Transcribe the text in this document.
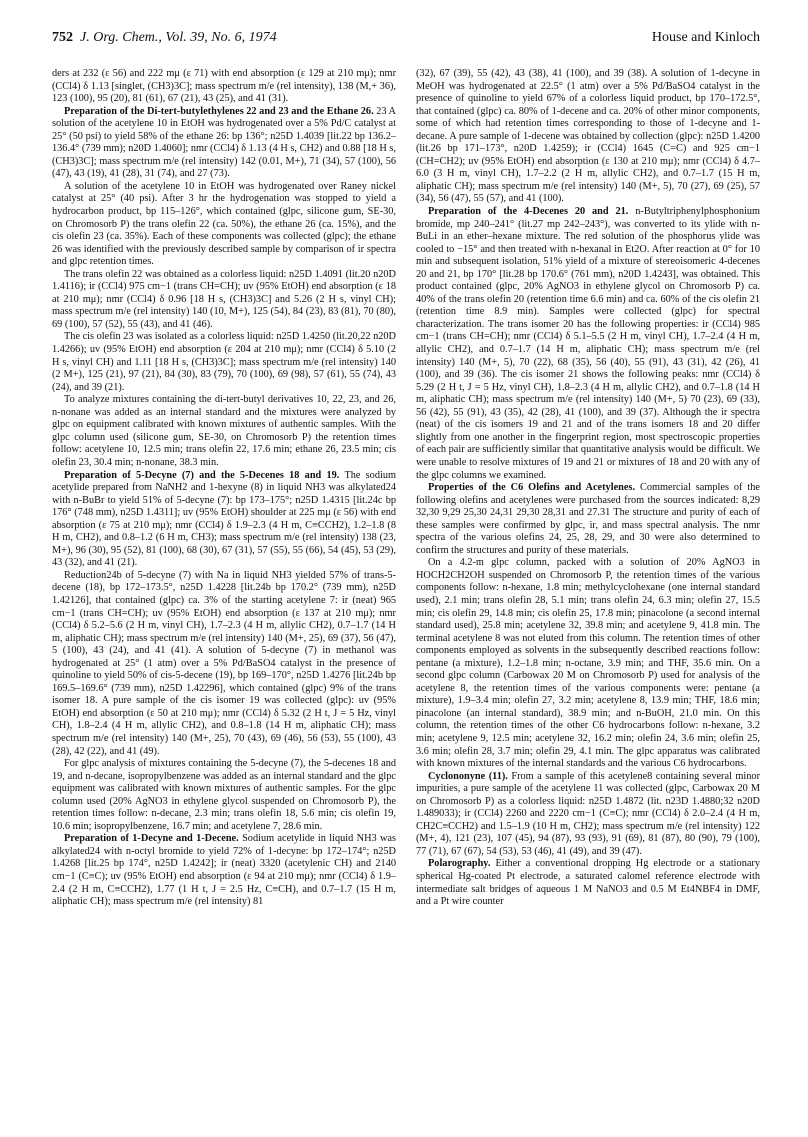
752 J. Org. Chem., Vol. 39, No. 6, 1974	House and Kinloch

ders at 232 (ε 56) and 222 mμ (ε 71) with end absorption (ε 129 at 210 mμ); nmr (CCl4) δ 1.13 [singlet, (CH3)3C]; mass spectrum m/e (rel intensity), 138 (M,+ 36), 123 (100), 95 (20), 81 (61), 67 (21), 43 (25), and 41 (31).

Preparation of the Di-tert-butylethylenes 22 and 23 and the Ethane 26. 23 A solution of the acetylene 10 in EtOH was hydrogenated over a 5% Pd/C catalyst at 25° (50 psi) to yield 58% of the ethane 26: bp 136°; n25D 1.4039 [lit.22 bp 136.2–136.4° (739 mm); n20D 1.4060]; nmr (CCl4) δ 1.13 (4 H s, CH2) and 0.88 [18 H s, (CH3)3C]; mass spectrum m/e (rel intensity) 142 (0.01, M+), 71 (34), 57 (100), 56 (47), 43 (19), 41 (28), 31 (74), and 27 (73).

A solution of the acetylene 10 in EtOH was hydrogenated over Raney nickel catalyst at 25° (40 psi). After 3 hr the hydrogenation was stopped to yield a hydrocarbon product, bp 115–126°, which contained (glpc, silicone gum, SE-30, on Chromosorb P) the trans olefin 22 (ca. 50%), the ethane 26 (ca. 15%), and the cis olefin 23 (ca. 35%). Each of these components was collected (glpc); the ethane 26 was identified with the previously described sample by comparison of ir spectra and glpc retention times.

The trans olefin 22 was obtained as a colorless liquid: n25D 1.4091 (lit.20 n20D 1.4116); ir (CCl4) 975 cm−1 (trans CH=CH); uv (95% EtOH) end absorption (ε 18 at 210 mμ); nmr (CCl4) δ 0.96 [18 H s, (CH3)3C] and 5.26 (2 H s, vinyl CH); mass spectrum m/e (rel intensity) 140 (10, M+), 125 (54), 84 (23), 83 (81), 70 (80), 69 (100), 57 (52), 55 (43), and 41 (46).

The cis olefin 23 was isolated as a colorless liquid: n25D 1.4250 (lit.20,22 n20D 1.4266); uv (95% EtOH) end absorption (ε 204 at 210 mμ); nmr (CCl4) δ 5.10 (2 H s, vinyl CH) and 1.11 [18 H s, (CH3)3C]; mass spectrum m/e (rel intensity) 140 (2 M+), 125 (21), 97 (21), 84 (30), 83 (79), 70 (100), 69 (98), 57 (61), 55 (74), 43 (24), and 39 (21).

To analyze mixtures containing the di-tert-butyl derivatives 10, 22, 23, and 26, n-nonane was added as an internal standard and the mixtures were analyzed by glpc on equipment calibrated with known mixtures of authentic samples. With the glpc column used (silicone gum, SE-30, on Chromosorb P) the retention times follow: acetylene 10, 12.5 min; trans olefin 22, 17.6 min; ethane 26, 23.5 min; cis olefin 23, 30.4 min; n-nonane, 38.3 min.

Preparation of 5-Decyne (7) and the 5-Decenes 18 and 19. The sodium acetylide prepared from NaNH2 and 1-hexyne (8) in liquid NH3 was alkylated24 with n-BuBr to yield 51% of 5-decyne (7): bp 173–175°; n25D 1.4315 [lit.24c bp 176° (748 mm), n25D 1.4311]; uv (95% EtOH) shoulder at 225 mμ (ε 56) with end absorption (ε 75 at 210 mμ); nmr (CCl4) δ 1.9–2.3 (4 H m, C≡CCH2), 1.2–1.8 (8 H m, CH2), and 0.8–1.2 (6 H m, CH3); mass spectrum m/e (rel intensity) 138 (23, M+), 96 (30), 95 (52), 81 (100), 68 (30), 67 (31), 57 (55), 55 (66), 54 (45), 53 (29), 43 (32), and 41 (21).

Reduction24b of 5-decyne (7) with Na in liquid NH3 yielded 57% of trans-5-decene (18), bp 172–173.5°, n25D 1.4228 [lit.24b bp 170.2° (739 mm), n25D 1.42126], that contained (glpc) ca. 3% of the starting acetylene 7: ir (neat) 965 cm−1 (trans CH=CH); uv (95% EtOH) end absorption (ε 137 at 210 mμ); nmr (CCl4) δ 5.2–5.6 (2 H m, vinyl CH), 1.7–2.3 (4 H m, allylic CH2), 0.7–1.7 (14 H m, aliphatic CH); mass spectrum m/e (rel intensity) 140 (M+, 25), 69 (37), 56 (47), 5 (100), 43 (24), and 41 (41). A solution of 5-decyne (7) in methanol was hydrogenated at 25° (1 atm) over a 5% Pd/BaSO4 catalyst in the presence of quinoline to yield 50% of cis-5-decene (19), bp 169–170°, n25D 1.4276 [lit.24b bp 169.5–169.6° (739 mm), n25D 1.42296], which contained (glpc) 9% of the trans isomer 18. A pure sample of the cis isomer 19 was collected (glpc): uv (95% EtOH) end absorption (ε 50 at 210 mμ); nmr (CCl4) δ 5.32 (2 H t, J = 5 Hz, vinyl CH), 1.8–2.4 (4 H m, allylic CH2), and 0.8–1.8 (14 H m, aliphatic CH); mass spectrum m/e (rel intensity) 140 (M+, 25), 70 (43), 69 (46), 56 (53), 55 (100), 43 (28), 42 (22), and 41 (49).

For glpc analysis of mixtures containing the 5-decyne (7), the 5-decenes 18 and 19, and n-decane, isopropylbenzene was added as an internal standard and the glpc equipment was calibrated with known mixtures of authentic samples. For the glpc column used (20% AgNO3 in ethylene glycol suspended on Chromosorb P), the retention times follow: n-decane, 2.3 min; trans olefin 18, 5.6 min; cis olefin 19, 10.6 min; isopropylbenzene, 16.7 min; and acetylene 7, 28.6 min.

Preparation of 1-Decyne and 1-Decene. Sodium acetylide in liquid NH3 was alkylated24 with n-octyl bromide to yield 72% of 1-decyne: bp 172–174°; n25D 1.4268 [lit.25 bp 174°, n25D 1.4242]; ir (neat) 3320 (acetylenic CH) and 2140 cm−1 (C≡C); uv (95% EtOH) end absorption (ε 94 at 210 mμ); nmr (CCl4) δ 1.9–2.4 (2 H m, C≡CCH2), 1.77 (1 H t, J = 2.5 Hz, C≡CH), and 0.7–1.7 (15 H m, aliphatic CH); mass spectrum m/e (rel intensity) 81

(32), 67 (39), 55 (42), 43 (38), 41 (100), and 39 (38). A solution of 1-decyne in MeOH was hydrogenated at 22.5° (1 atm) over a 5% Pd/BaSO4 catalyst in the presence of quinoline to yield 67% of a colorless liquid product, bp 170–172.5°, that contained (glpc) ca. 80% of 1-decene and ca. 20% of other minor components, some of which had retention times corresponding to those of 1-decyne and 1-decane. A pure sample of 1-decene was obtained by collection (glpc): n25D 1.4200 (lit.26 bp 171–173°, n20D 1.4259); ir (CCl4) 1645 (C=C) and 925 cm−1 (CH=CH2); uv (95% EtOH) end absorption (ε 130 at 210 mμ); nmr (CCl4) δ 4.7–6.0 (3 H m, vinyl CH), 1.7–2.2 (2 H m, allylic CH2), and 0.7–1.7 (15 H m, aliphatic CH); mass spectrum m/e (rel intensity) 140 (M+, 5), 70 (27), 69 (25), 57 (34), 56 (47), 55 (57), and 41 (100).

Preparation of the 4-Decenes 20 and 21. n-Butyltriphenylphosphonium bromide, mp 240–241° (lit.27 mp 242–243°), was converted to its ylide with n-BuLi in an ether–hexane mixture. The red solution of the phosphorus ylide was cooled to −15° and then treated with n-hexanal in Et2O. After reaction at 0° for 10 min and subsequent isolation, 51% yield of a mixture of stereoisomeric 4-decenes 20 and 21, bp 170° [lit.28 bp 170.6° (761 mm), n20D 1.4243], was obtained. This product contained (glpc, 20% AgNO3 in ethylene glycol on Chromosorb P) ca. 40% of the trans olefin 20 (retention time 6.6 min) and ca. 60% of the cis olefin 21 (retention time 8.9 min). Samples were collected (glpc) for spectral characterization. The trans isomer 20 has the following properties: ir (CCl4) 985 cm−1 (trans CH=CH); nmr (CCl4) δ 5.1–5.5 (2 H m, vinyl CH), 1.7–2.4 (4 H m, allylic CH2), and 0.7–1.7 (14 H m, aliphatic CH); mass spectrum m/e (rel intensity) 140 (M+, 5), 70 (22), 68 (35), 56 (40), 55 (91), 43 (31), 42 (26), 41 (100), and 39 (36). The cis isomer 21 shows the following peaks: nmr (CCl4) δ 5.29 (2 H t, J = 5 Hz, vinyl CH), 1.8–2.3 (4 H m, allylic CH2), and 0.7–1.8 (14 H m, aliphatic CH); mass spectrum m/e (rel intensity) 140 (M+, 5) 70 (23), 69 (33), 56 (42), 55 (91), 43 (35), 42 (28), 41 (100), and 39 (37). Although the ir spectra (neat) of the cis isomers 19 and 21 and of the trans isomers 18 and 20 differ slightly from one another in the fingerprint region, most spectroscopic properties of each pair are sufficiently similar that quantitative analysis would be difficult. We were unable to resolve mixtures of 19 and 21 or mixtures of 18 and 20 with any of the glpc columns we examined.

Properties of the C6 Olefins and Acetylenes. Commercial samples of the following olefins and acetylenes were purchased from the sources indicated: 8,29 32,30 9,29 25,30 24,31 29,30 28,31 and 27.31 The structure and purity of each of these samples were confirmed by glpc, ir, and mass spectral analysis. The nmr spectra of the various olefins 24, 25, 28, 29, and 30 were also determined to confirm the structures and purity of these materials.

On a 4.2-m glpc column, packed with a solution of 20% AgNO3 in HOCH2CH2OH suspended on Chromosorb P, the retention times of the various components follow: n-hexane, 1.8 min; methylcyclohexane (one internal standard used), 2.1 min; trans olefin 28, 5.1 min; trans olefin 24, 6.3 min; olefin 27, 15.5 min; cis olefin 29, 14.8 min; cis olefin 25, 17.8 min; pinacolone (a second internal standard used), 25.8 min; acetylene 32, 39.8 min; and acetylene 9, 41.8 min. The terminal acetylene 8 was not eluted from this column. The retention times of other components employed as solvents in the subsequently described reactions follow: pentane (a mixture), 1.2–1.8 min; n-octane, 3.9 min; and THF, 35.6 min. On a second glpc column (Carbowax 20 M on Chromosorb P) used for analysis of the acetylene 8, the retention times of the various components were: pentane (a mixture), 1.9–3.4 min; olefin 27, 3.2 min; acetylene 8, 13.9 min; THF, 18.6 min; pinacolone (an internal standard), 38.9 min; and n-BuOH, 21.0 min. On this column, the retention times of the other C6 hydrocarbons follow: n-hexane, 3.2 min; acetylene 9, 12.5 min; acetylene 32, 16.2 min; olefin 24, 3.6 min; olefin 25, 3.6 min; olefin 28, 3.7 min; olefin 29, 4.1 min. The glpc apparatus was calibrated with known mixtures of the internal standards and the various C6 hydrocarbons.

Cyclononyne (11). From a sample of this acetylene8 containing several minor impurities, a pure sample of the acetylene 11 was collected (glpc, Carbowax 20 M on Chromosorb P) as a colorless liquid: n25D 1.4872 (lit. n23D 1.4880;32 n20D 1.489033); ir (CCl4) 2260 and 2220 cm−1 (C≡C); nmr (CCl4) δ 2.0–2.4 (4 H m, CH2C≡CCH2) and 1.5–1.9 (10 H m, CH2); mass spectrum m/e (rel intensity) 122 (M+, 4), 121 (23), 107 (45), 94 (87), 93 (93), 91 (69), 81 (87), 80 (90), 79 (100), 77 (71), 67 (67), 54 (53), 53 (46), 41 (49), and 39 (47).

Polarography. Either a conventional dropping Hg electrode or a stationary spherical Hg-coated Pt electrode, a saturated calomel reference electrode with intermediate salt bridges of aqueous 1 M NaNO3 and 0.5 M Et4NBF4 in DMF, and a Pt wire counter
